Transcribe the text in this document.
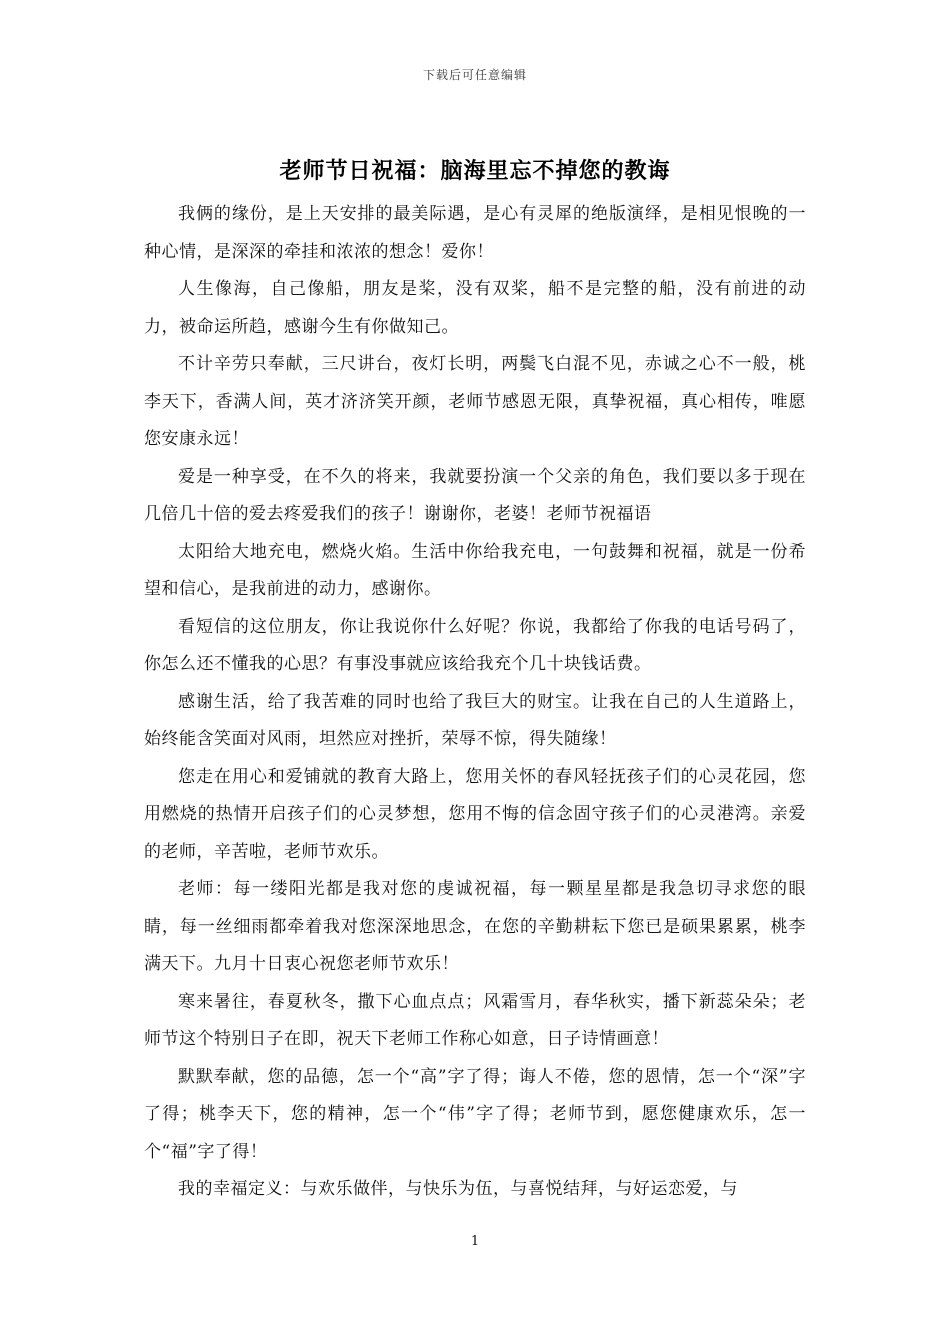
下载后可任意编辑
老师节日祝福：脑海里忘不掉您的教诲

我俩的缘份，是上天安排的最美际遇，是心有灵犀的绝版演绎，是相见恨晚的一种心情，是深深的牵挂和浓浓的想念！爱你！

人生像海，自己像船，朋友是桨，没有双桨，船不是完整的船，没有前进的动力，被命运所趋，感谢今生有你做知己。

不计辛劳只奉献，三尺讲台，夜灯长明，两鬓飞白混不见，赤诚之心不一般，桃李天下，香满人间，英才济济笑开颜，老师节感恩无限，真挚祝福，真心相传，唯愿您安康永远！

爱是一种享受，在不久的将来，我就要扮演一个父亲的角色，我们要以多于现在几倍几十倍的爱去疼爱我们的孩子！谢谢你，老婆！老师节祝福语

太阳给大地充电，燃烧火焰。生活中你给我充电，一句鼓舞和祝福，就是一份希望和信心，是我前进的动力，感谢你。

看短信的这位朋友，你让我说你什么好呢？你说，我都给了你我的电话号码了，你怎么还不懂我的心思？有事没事就应该给我充个几十块钱话费。

感谢生活，给了我苦难的同时也给了我巨大的财宝。让我在自己的人生道路上，始终能含笑面对风雨，坦然应对挫折，荣辱不惊，得失随缘！

您走在用心和爱铺就的教育大路上，您用关怀的春风轻抚孩子们的心灵花园，您用燃烧的热情开启孩子们的心灵梦想，您用不悔的信念固守孩子们的心灵港湾。亲爱的老师，辛苦啦，老师节欢乐。

老师：每一缕阳光都是我对您的虔诚祝福，每一颗星星都是我急切寻求您的眼睛，每一丝细雨都牵着我对您深深地思念，在您的辛勤耕耘下您已是硕果累累，桃李满天下。九月十日衷心祝您老师节欢乐！

寒来暑往，春夏秋冬，撒下心血点点；风霜雪月，春华秋实，播下新蕊朵朵；老师节这个特别日子在即，祝天下老师工作称心如意，日子诗情画意！

默默奉献，您的品德，怎一个“高”字了得；诲人不倦，您的恩情，怎一个“深”字了得；桃李天下，您的精神，怎一个“伟”字了得；老师节到，愿您健康欢乐，怎一个“福”字了得！

我的幸福定义：与欢乐做伴，与快乐为伍，与喜悦结拜，与好运恋爱，与

1
